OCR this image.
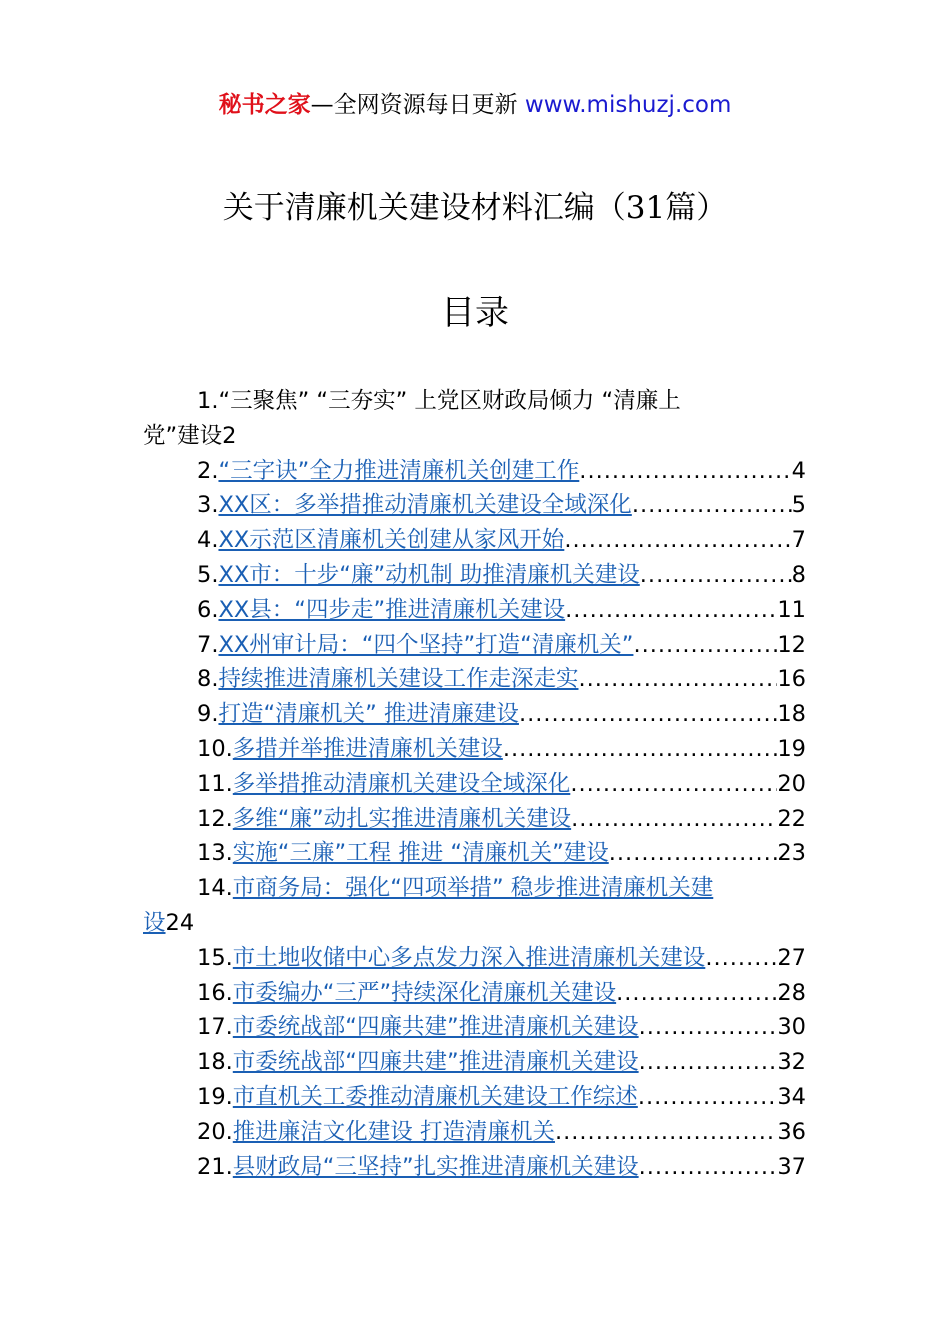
秘书之家—全网资源每日更新 www.mishuzj.com
关于清廉机关建设材料汇编（31篇）
目录
1. “三聚焦” “三夯实” 上党区财政局倾力 “清廉上
党”建设 2
2. “三字诀”全力推进清廉机关创建工作 .....	4
3. XX区：多举措推动清廉机关建设全域深化 .....	5
4. XX示范区清廉机关创建从家风开始 .....	7
5. XX市：十步“廉”动机制 助推清廉机关建设 .....	8
6. XX县：“四步走”推进清廉机关建设 .....	11
7. XX州审计局：“四个坚持”打造“清廉机关” .....	12
8. 持续推进清廉机关建设工作走深走实 .....	16
9. 打造“清廉机关” 推进清廉建设 .....	18
10. 多措并举推进清廉机关建设 .....	19
11. 多举措推动清廉机关建设全域深化 .....	20
12. 多维“廉”动扎实推进清廉机关建设 .....	22
13. 实施“三廉”工程 推进 “清廉机关”建设 .....	23
14. 市商务局：强化“四项举措” 稳步推进清廉机关建
设 24
15. 市土地收储中心多点发力深入推进清廉机关建设 .....	27
16. 市委编办“三严”持续深化清廉机关建设 .....	28
17. 市委统战部“四廉共建”推进清廉机关建设 .....	30
18. 市委统战部“四廉共建”推进清廉机关建设 .....	32
19. 市直机关工委推动清廉机关建设工作综述 .....	34
20. 推进廉洁文化建设 打造清廉机关 .....	36
21. 县财政局“三坚持”扎实推进清廉机关建设 .....	37
